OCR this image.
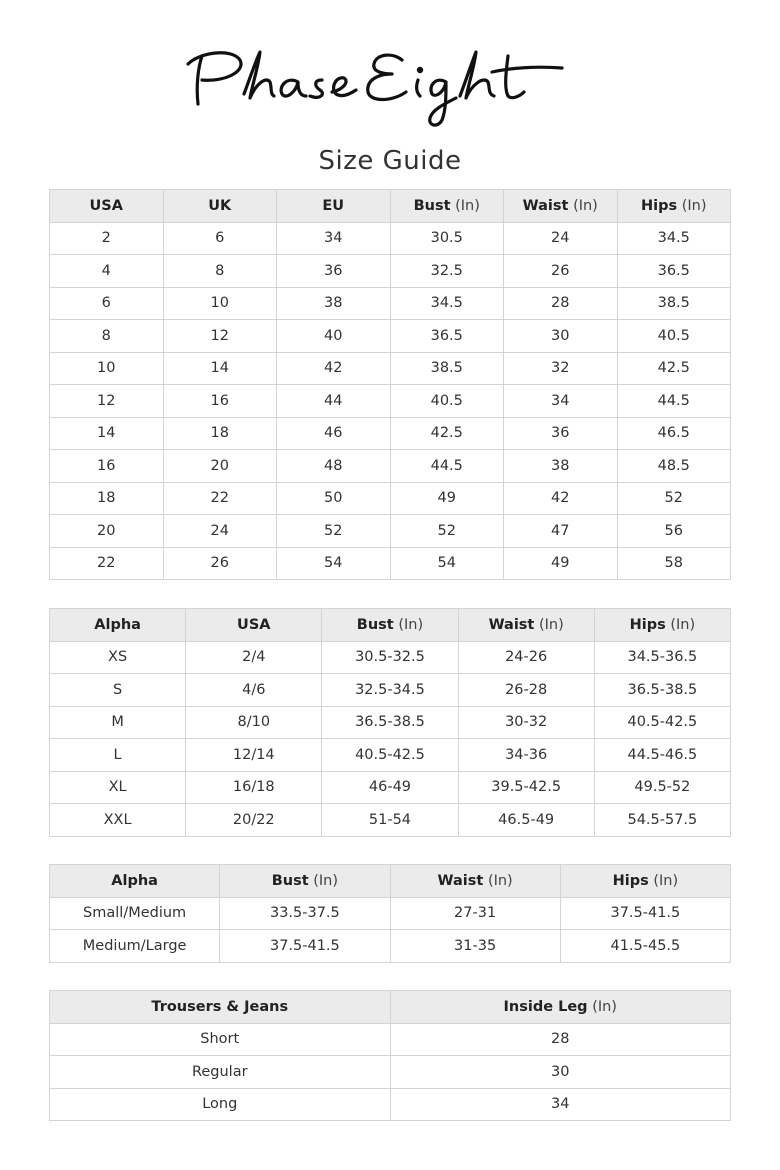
Size Guide
USA	UK	EU	Bust (In)	Waist (In)	Hips (In)
2	6	34	30.5	24	34.5
4	8	36	32.5	26	36.5
6	10	38	34.5	28	38.5
8	12	40	36.5	30	40.5
10	14	42	38.5	32	42.5
12	16	44	40.5	34	44.5
14	18	46	42.5	36	46.5
16	20	48	44.5	38	48.5
18	22	50	49	42	52
20	24	52	52	47	56
22	26	54	54	49	58
Alpha	USA	Bust (In)	Waist (In)	Hips (In)
XS	2/4	30.5-32.5	24-26	34.5-36.5
S	4/6	32.5-34.5	26-28	36.5-38.5
M	8/10	36.5-38.5	30-32	40.5-42.5
L	12/14	40.5-42.5	34-36	44.5-46.5
XL	16/18	46-49	39.5-42.5	49.5-52
XXL	20/22	51-54	46.5-49	54.5-57.5
Alpha	Bust (In)	Waist (In)	Hips (In)
Small/Medium	33.5-37.5	27-31	37.5-41.5
Medium/Large	37.5-41.5	31-35	41.5-45.5
Trousers & Jeans	Inside Leg (In)
Short	28
Regular	30
Long	34
